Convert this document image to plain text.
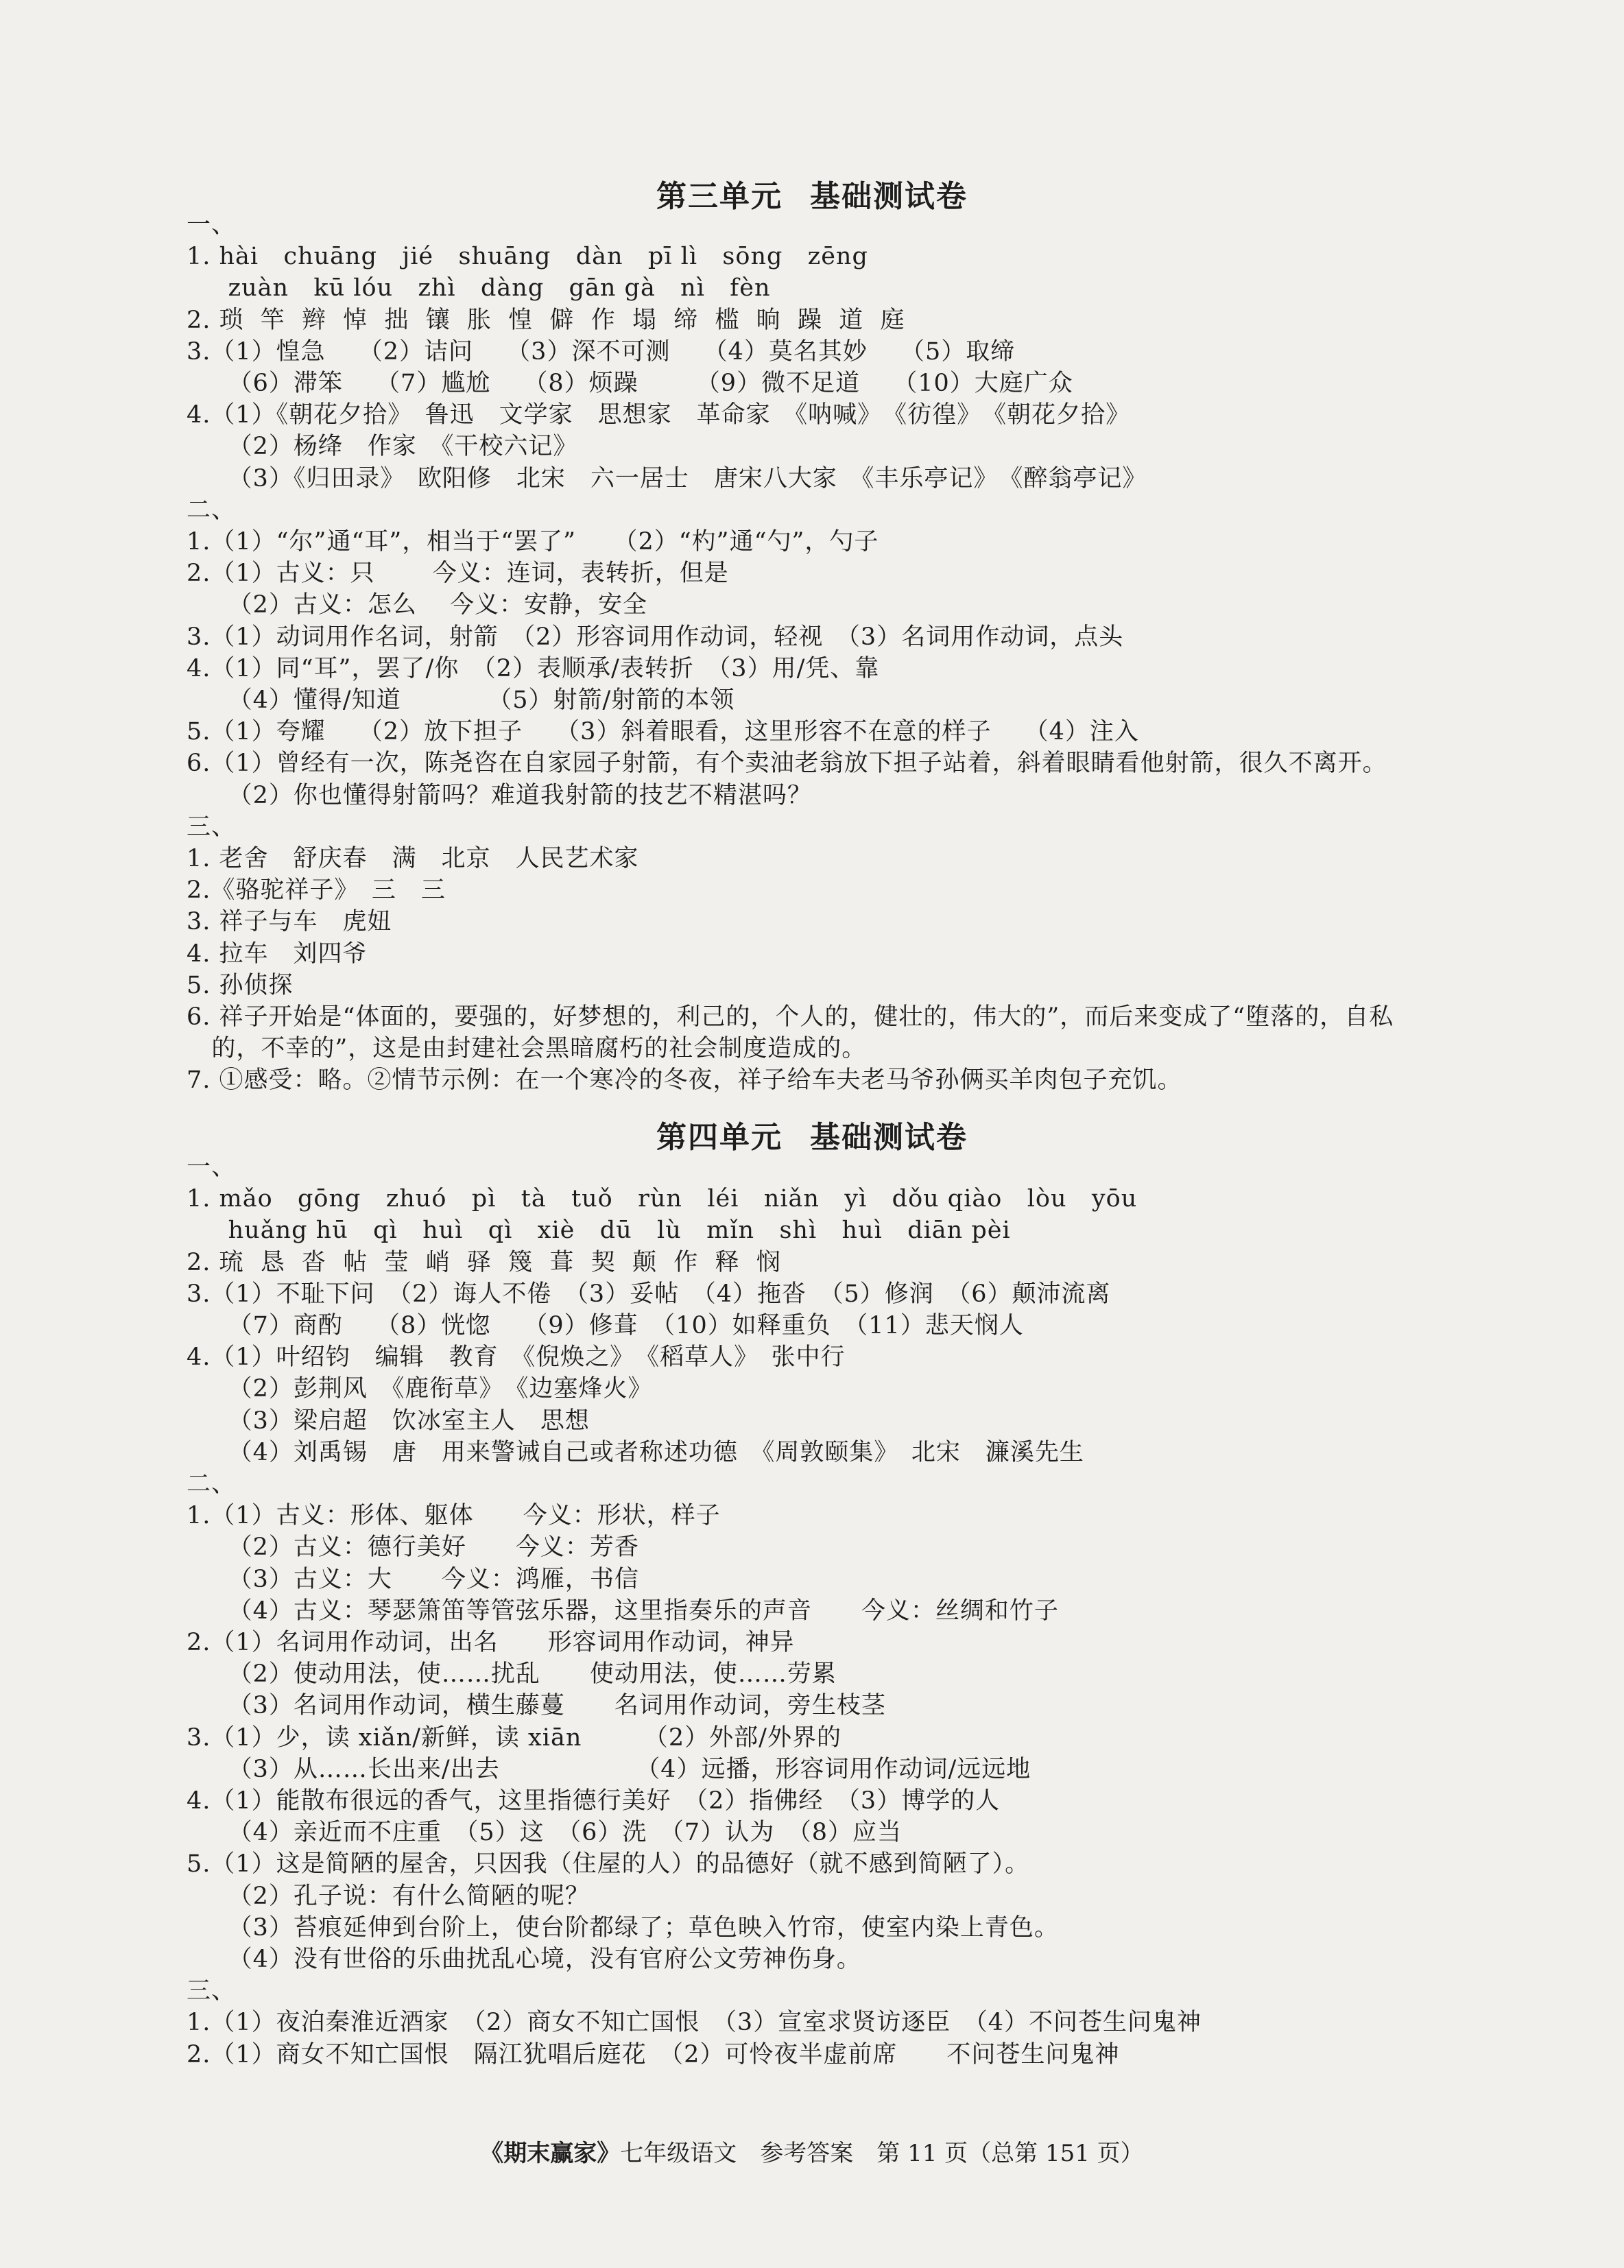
第三单元 基础测试卷
一、
1. hài   chuāng   jié   shuāng   dàn   pī lì   sōng   zēng
zuàn   kū lóu   zhì   dàng   gān gà   nì   fèn
2. 琐  竿  辫  悼  拙  镶  胀  惶  僻  作  塌  缔  槛  晌  躁  道  庭
3.（1）惶急　 （2）诘问　 （3）深不可测　 （4）莫名其妙　 （5）取缔
（6）滞笨　 （7）尴尬　 （8）烦躁　　 （9）微不足道　 （10）大庭广众
4.（1）《朝花夕拾》　鲁迅　文学家　思想家　革命家　《呐喊》　《彷徨》　《朝花夕拾》
（2）杨绛　作家　《干校六记》
（3）《归田录》　欧阳修　北宋　六一居士　唐宋八大家　《丰乐亭记》　《醉翁亭记》
二、
1.（1）“尔”通“耳”，相当于“罢了”　　（2）“杓”通“勺”，勺子
2.（1）古义：只　　 今义：连词，表转折，但是
（2）古义：怎么　 今义：安静，安全
3.（1）动词用作名词，射箭　（2）形容词用作动词，轻视　（3）名词用作动词，点头
4.（1）同“耳”，罢了/你　（2）表顺承/表转折　（3）用/凭、靠
（4）懂得/知道　　　　（5）射箭/射箭的本领
5.（1）夸耀　 （2）放下担子　 （3）斜着眼看，这里形容不在意的样子　 （4）注入
6.（1）曾经有一次，陈尧咨在自家园子射箭，有个卖油老翁放下担子站着，斜着眼睛看他射箭，很久不离开。
（2）你也懂得射箭吗？难道我射箭的技艺不精湛吗？
三、
1. 老舍　舒庆春　满　北京　人民艺术家
2.《骆驼祥子》　三　三
3. 祥子与车　虎妞
4. 拉车　刘四爷
5. 孙侦探
6. 祥子开始是“体面的，要强的，好梦想的，利己的，个人的，健壮的，伟大的”，而后来变成了“堕落的，自私
的，不幸的”，这是由封建社会黑暗腐朽的社会制度造成的。
7. ①感受：略。②情节示例：在一个寒冷的冬夜，祥子给车夫老马爷孙俩买羊肉包子充饥。
第四单元 基础测试卷
一、
1. mǎo   gōng   zhuó   pì   tà   tuǒ   rùn   léi   niǎn   yì   dǒu qiào   lòu   yōu
huǎng hū   qì   huì   qì   xiè   dū   lù   mǐn   shì   huì   diān pèi
2. 琉  恳  沓  帖  莹  峭  驿  篾  葺  契  颠  作  释  悯
3.（1）不耻下问　（2）诲人不倦　（3）妥帖　（4）拖沓　（5）修润　（6）颠沛流离
（7）商酌　 （8）恍惚　 （9）修葺　（10）如释重负　（11）悲天悯人
4.（1）叶绍钧　编辑　教育　《倪焕之》　《稻草人》　张中行
（2）彭荆风　《鹿衔草》　《边塞烽火》
（3）梁启超　饮冰室主人　思想
（4）刘禹锡　唐　用来警诫自己或者称述功德　《周敦颐集》　北宋　濂溪先生
二、
1.（1）古义：形体、躯体　　今义：形状，样子
（2）古义：德行美好　　今义：芳香
（3）古义：大　　今义：鸿雁，书信
（4）古义：琴瑟箫笛等管弦乐器，这里指奏乐的声音　　今义：丝绸和竹子
2.（1）名词用作动词，出名　　形容词用作动词，神异
（2）使动用法，使……扰乱　　使动用法，使……劳累
（3）名词用作动词，横生藤蔓　　名词用作动词，旁生枝茎
3.（1）少，读 xiǎn/新鲜，读 xiān　　　（2）外部/外界的
（3）从……长出来/出去　　　　　　（4）远播，形容词用作动词/远远地
4.（1）能散布很远的香气，这里指德行美好　（2）指佛经　（3）博学的人
（4）亲近而不庄重　（5）这　（6）洗　（7）认为　（8）应当
5.（1）这是简陋的屋舍，只因我（住屋的人）的品德好（就不感到简陋了）。
（2）孔子说：有什么简陋的呢？
（3）苔痕延伸到台阶上，使台阶都绿了；草色映入竹帘，使室内染上青色。
（4）没有世俗的乐曲扰乱心境，没有官府公文劳神伤身。
三、
1.（1）夜泊秦淮近酒家　（2）商女不知亡国恨　（3）宣室求贤访逐臣　（4）不问苍生问鬼神
2.（1）商女不知亡国恨　隔江犹唱后庭花　（2）可怜夜半虚前席　　不问苍生问鬼神
《期末赢家》七年级语文　参考答案　第 11 页（总第 151 页）
